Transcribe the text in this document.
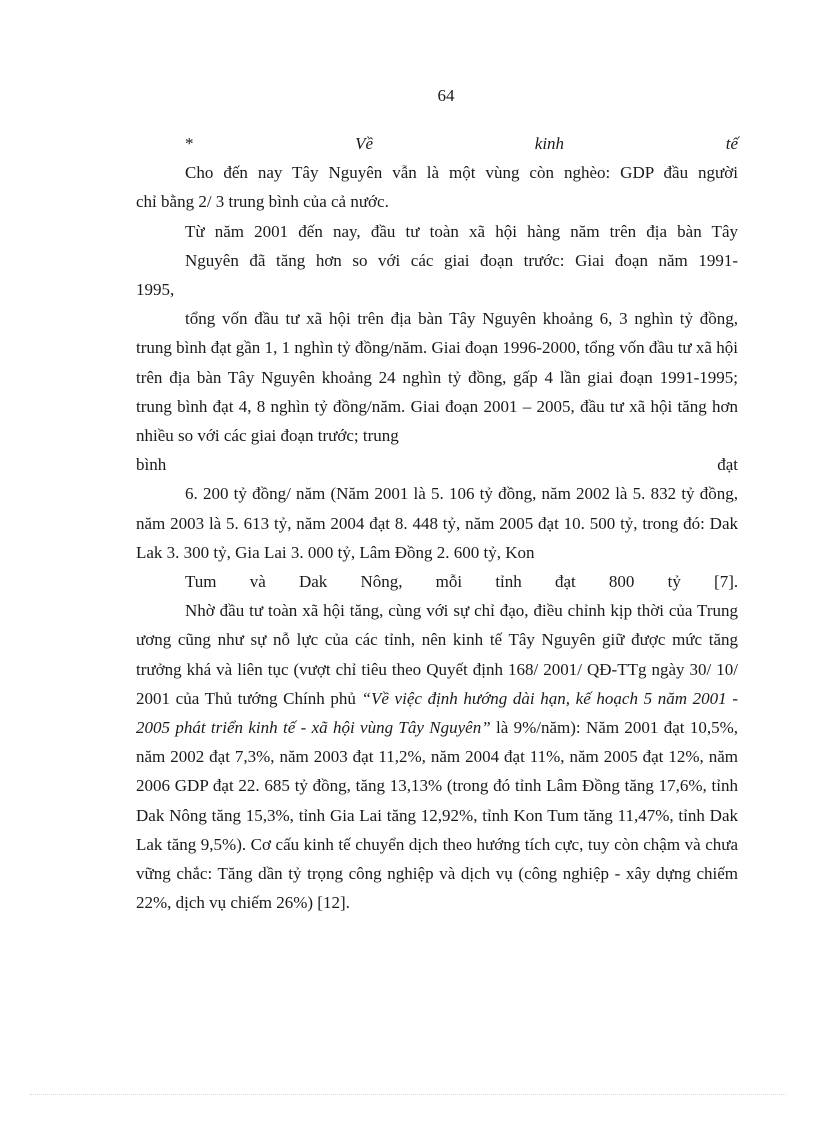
64

*	Về	kinh	tế

Cho đến nay Tây Nguyên vẫn là một vùng còn nghèo: GDP đầu người

chỉ bằng 2/ 3 trung bình của cả nước.

Từ năm 2001 đến nay, đầu tư toàn xã hội hàng năm trên địa bàn Tây

Nguyên đã tăng hơn so với các giai đoạn trước: Giai đoạn năm 1991-

1995,

tổng vốn đầu tư xã hội trên địa bàn Tây Nguyên khoảng 6, 3 nghìn tỷ đồng, trung bình đạt gần 1, 1 nghìn tỷ đồng/năm. Giai đoạn 1996-2000, tổng vốn đầu tư xã hội trên địa bàn Tây Nguyên khoảng 24 nghìn tỷ đồng, gấp 4 lần giai đoạn 1991-1995; trung bình đạt 4, 8 nghìn tỷ đồng/năm. Giai đoạn 2001 – 2005, đầu tư xã hội tăng hơn nhiều so với các giai đoạn trước; trung

bình	đạt

6. 200 tỷ đồng/ năm (Năm 2001 là 5. 106 tỷ đồng, năm 2002 là 5. 832 tỷ đồng, năm 2003 là 5. 613 tỷ, năm 2004 đạt 8. 448 tỷ, năm 2005 đạt 10. 500 tỷ, trong đó: Dak Lak 3. 300 tỷ, Gia Lai 3. 000 tỷ, Lâm Đồng 2. 600 tỷ, Kon

Tum và Dak Nông, mỗi tỉnh đạt 800 tỷ [7].

Nhờ đầu tư toàn xã hội tăng, cùng với sự chỉ đạo, điều chỉnh kịp thời của Trung ương cũng như sự nỗ lực của các tỉnh, nên kinh tế Tây Nguyên giữ được mức tăng trưởng khá và liên tục (vượt chỉ tiêu theo Quyết định 168/ 2001/ QĐ-TTg ngày 30/ 10/ 2001 của Thủ tướng Chính phủ “Về việc định hướng dài hạn, kế hoạch 5 năm 2001 - 2005 phát triển kinh tế - xã hội vùng Tây Nguyên” là 9%/năm): Năm 2001 đạt 10,5%, năm 2002 đạt 7,3%, năm 2003 đạt 11,2%, năm 2004 đạt 11%, năm 2005 đạt 12%, năm 2006 GDP đạt 22. 685 tỷ đồng, tăng 13,13% (trong đó tỉnh Lâm Đồng tăng 17,6%, tỉnh Dak Nông tăng 15,3%, tỉnh Gia Lai tăng 12,92%, tỉnh Kon Tum tăng 11,47%, tỉnh Dak Lak tăng 9,5%). Cơ cấu kinh tế chuyển dịch theo hướng tích cực, tuy còn chậm và chưa vững chắc: Tăng dần tỷ trọng công nghiệp và dịch vụ (công nghiệp - xây dựng chiếm 22%, dịch vụ chiếm 26%) [12].
